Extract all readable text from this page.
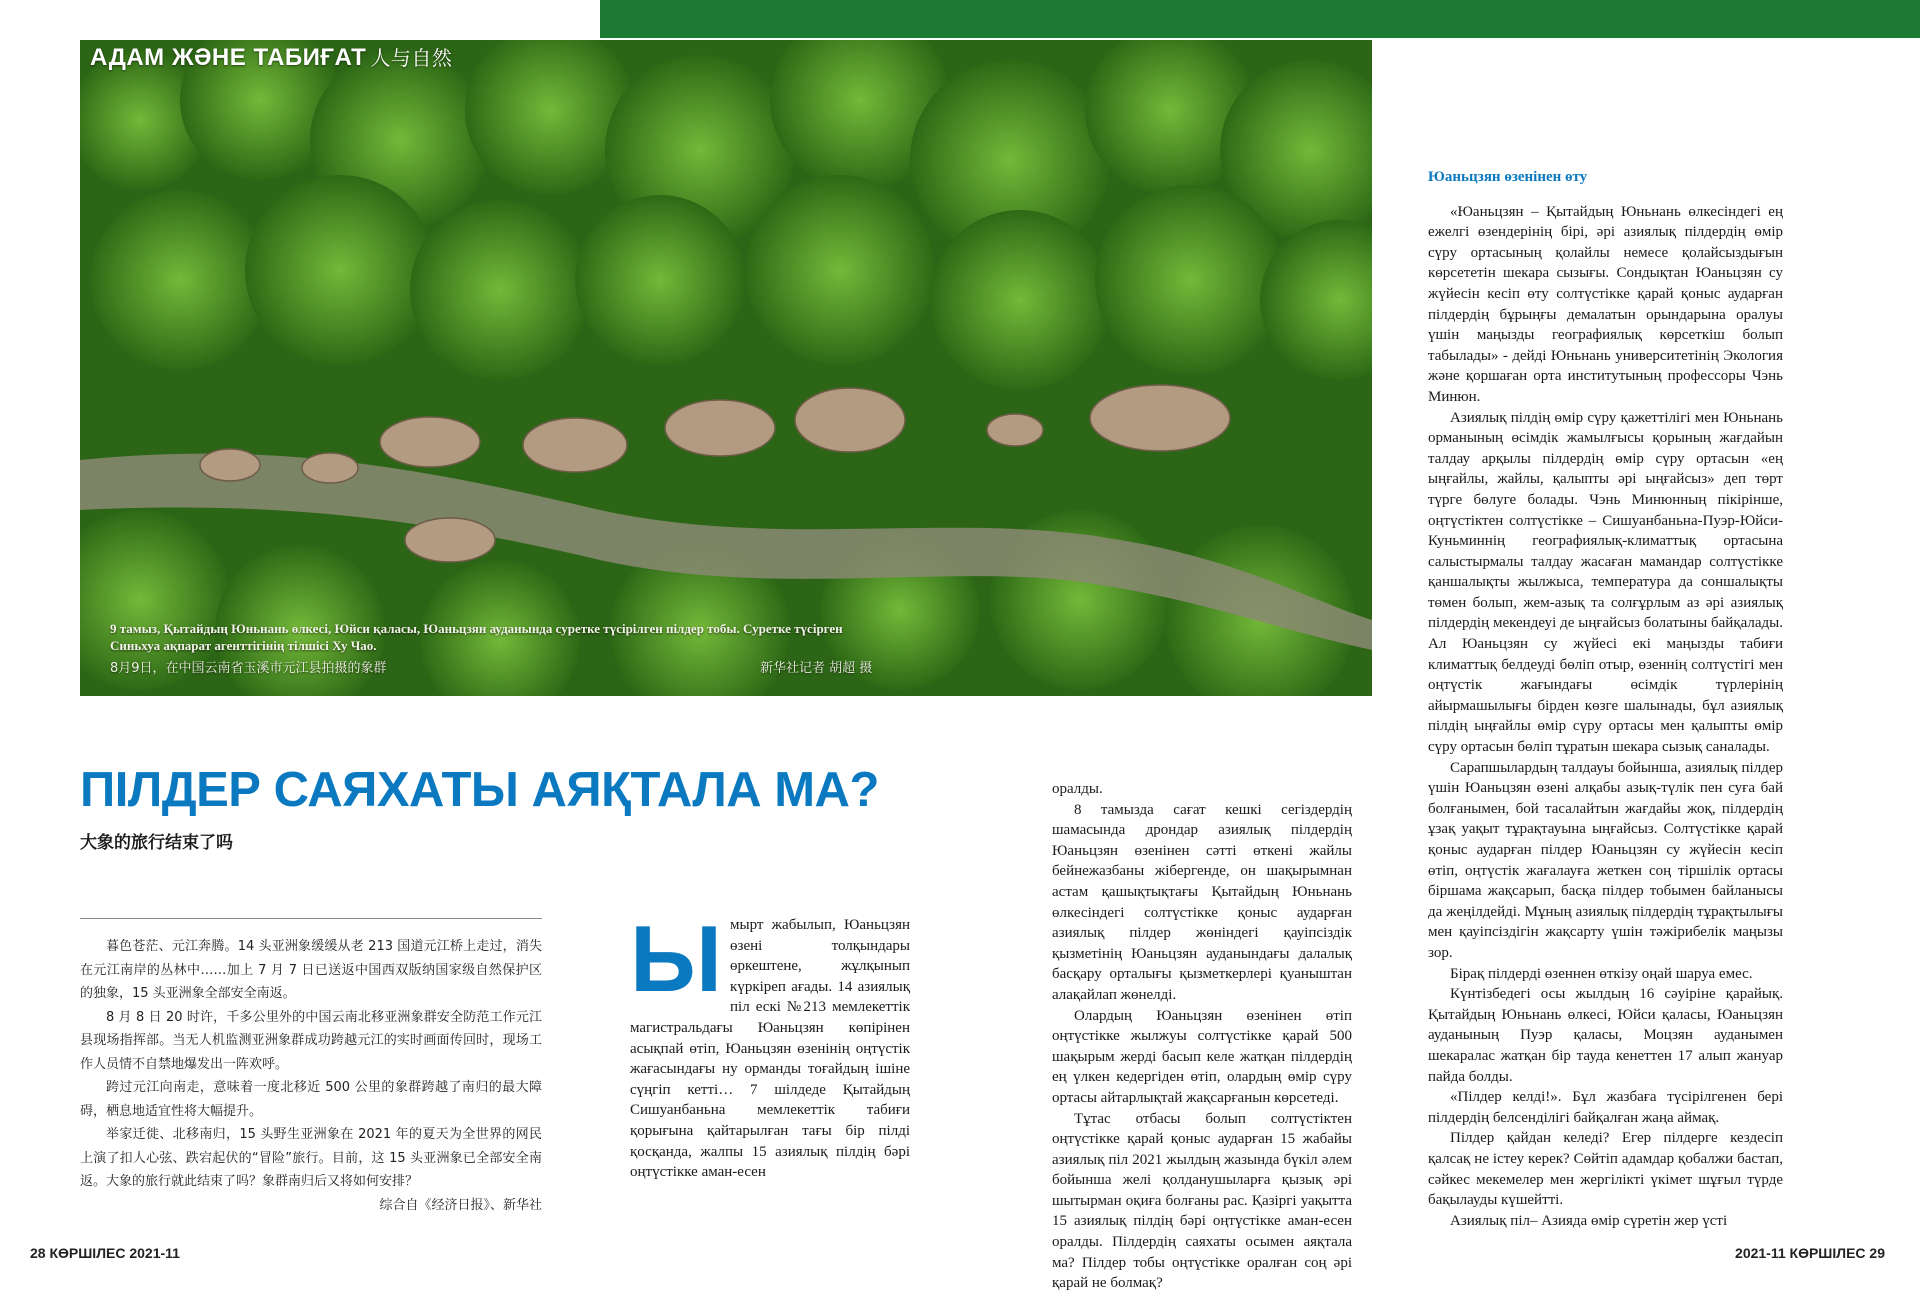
АДАМ ЖӘНЕ ТАБИҒАТ 人与自然
9 тамыз, Қытайдың Юньнань өлкесі, Юйси қаласы, Юаньцзян ауданында суретке түсірілген пілдер тобы. Суретке түсірген Синьхуа ақпарат агенттігінің тілшісі Ху Чао.
8月9日，在中国云南省玉溪市元江县拍摄的象群	新华社记者 胡超 摄
ПІЛДЕР САЯХАТЫ АЯҚТАЛА МА?
大象的旅行结束了吗

暮色苍茫、元江奔腾。14 头亚洲象缓缓从老 213 国道元江桥上走过，消失在元江南岸的丛林中……加上 7 月 7 日已送返中国西双版纳国家级自然保护区的独象，15 头亚洲象全部安全南返。

8 月 8 日 20 时许，千多公里外的中国云南北移亚洲象群安全防范工作元江县现场指挥部。当无人机监测亚洲象群成功跨越元江的实时画面传回时，现场工作人员情不自禁地爆发出一阵欢呼。

跨过元江向南走，意味着一度北移近 500 公里的象群跨越了南归的最大障碍，栖息地适宜性将大幅提升。

举家迁徙、北移南归，15 头野生亚洲象在 2021 年的夏天为全世界的网民上演了扣人心弦、跌宕起伏的“冒险”旅行。目前，这 15 头亚洲象已全部安全南返。大象的旅行就此结束了吗？象群南归后又将如何安排？

综合自《经济日报》、新华社

Ы мырт жабылып, Юаньцзян өзені толқындары өркештене, жұлқынып күркіреп ағады. 14 азиялық піл ескі №213 мемлекеттік магистральдағы Юаньцзян көпірінен асықпай өтіп, Юаньцзян өзенінің оңтүстік жағасындағы ну орманды тоғайдың ішіне сүңгіп кетті… 7 шілдеде Қытайдың Сишуанбаньна мемлекеттік табиғи қорығына қайтарылған тағы бір пілді қосқанда, жалпы 15 азиялық пілдің бәрі оңтүстікке аман-есен

оралды.

8 тамызда сағат кешкі сегіздердің шамасында дрондар азиялық пілдердің Юаньцзян өзенінен сәтті өткені жайлы бейнежазбаны жібергенде, он шақырымнан астам қашықтықтағы Қытайдың Юньнань өлкесіндегі солтүстікке қоныс аударған азиялық пілдер жөніндегі қауіпсіздік қызметінің Юаньцзян ауданындағы далалық басқару орталығы қызметкерлері қуаныштан алақайлап жөнелді.

Олардың Юаньцзян өзенінен өтіп оңтүстікке жылжуы солтүстікке қарай 500 шақырым жерді басып келе жатқан пілдердің ең үлкен кедергіден өтіп, олардың өмір сүру ортасы айтарлықтай жақсарғанын көрсетеді.

Тұтас отбасы болып солтүстіктен оңтүстікке қарай қоныс аударған 15 жабайы азиялық піл 2021 жылдың жазында бүкіл әлем бойынша желі қолданушыларға қызық әрі шытырман оқиға болғаны рас. Қазіргі уақытта 15 азиялық пілдің бәрі оңтүстікке аман-есен оралды. Пілдердің саяхаты осымен аяқтала ма? Пілдер тобы оңтүстікке оралған соң әрі қарай не болмақ?

Юаньцзян өзенінен өту

«Юаньцзян – Қытайдың Юньнань өлкесіндегі ең ежелгі өзендерінің бірі, әрі азиялық пілдердің өмір сүру ортасының қолайлы немесе қолайсыздығын көрсететін шекара сызығы. Сондықтан Юаньцзян су жүйесін кесіп өту солтүстікке қарай қоныс аударған пілдердің бұрыңғы демалатын орындарына оралуы үшін маңызды географиялық көрсеткіш болып табылады» - дейді Юньнань университетінің Экология және қоршаған орта институтының профессоры Чэнь Минюн.

Азиялық пілдің өмір сүру қажеттілігі мен Юньнань орманының өсімдік жамылғысы қорының жағдайын талдау арқылы пілдердің өмір сүру ортасын «ең ыңғайлы, жайлы, қалыпты әрі ыңғайсыз» деп төрт түрге бөлуге болады. Чэнь Минюнның пікірінше, оңтүстіктен солтүстікке – Сишуанбаньна-Пуэр-Юйси-Куньминнің географиялық-климаттық ортасына салыстырмалы талдау жасаған мамандар солтүстікке қаншалықты жылжыса, температура да соншалықты төмен болып, жем-азық та солғұрлым аз әрі азиялық пілдердің мекендеуі де ыңғайсыз болатыны байқалады. Ал Юаньцзян су жүйесі екі маңызды табиғи климаттық белдеуді бөліп отыр, өзеннің солтүстігі мен оңтүстік жағындағы өсімдік түрлерінің айырмашылығы бірден көзге шалынады, бұл азиялық пілдің ыңғайлы өмір сүру ортасы мен қалыпты өмір сүру ортасын бөліп тұратын шекара сызық саналады.

Сарапшылардың талдауы бойынша, азиялық пілдер үшін Юаньцзян өзені алқабы азық-түлік пен суға бай болғанымен, бой тасалайтын жағдайы жоқ, пілдердің ұзақ уақыт тұрақтауына ыңғайсыз. Солтүстікке қарай қоныс аударған пілдер Юаньцзян су жүйесін кесіп өтіп, оңтүстік жағалауға жеткен соң тіршілік ортасы біршама жақсарып, басқа пілдер тобымен байланысы да жеңілдейді. Мұның азиялық пілдердің тұрақтылығы мен қауіпсіздігін жақсарту үшін тәжірибелік маңызы зор.

Бірақ пілдерді өзеннен өткізу оңай шаруа емес.

Күнтізбедегі осы жылдың 16 сәуіріне қарайық. Қытайдың Юньнань өлкесі, Юйси қаласы, Юаньцзян ауданының Пуэр қаласы, Моцзян ауданымен шекаралас жатқан бір тауда кенеттен 17 алып жануар пайда болды.

«Пілдер келді!». Бұл жазбаға түсірілгенен бері пілдердің белсенділігі байқалған жаңа аймақ.

Пілдер қайдан келеді? Егер пілдерге кездесіп қалсақ не істеу керек? Сөйтіп адамдар қобалжи бастап, сәйкес мекемелер мен жергілікті үкімет шұғыл түрде бақылауды күшейтті.

Азиялық піл– Азияда өмір сүретін жер үсті

28 КӨРШІЛЕС 2021-11	2021-11 КӨРШІЛЕС 29
